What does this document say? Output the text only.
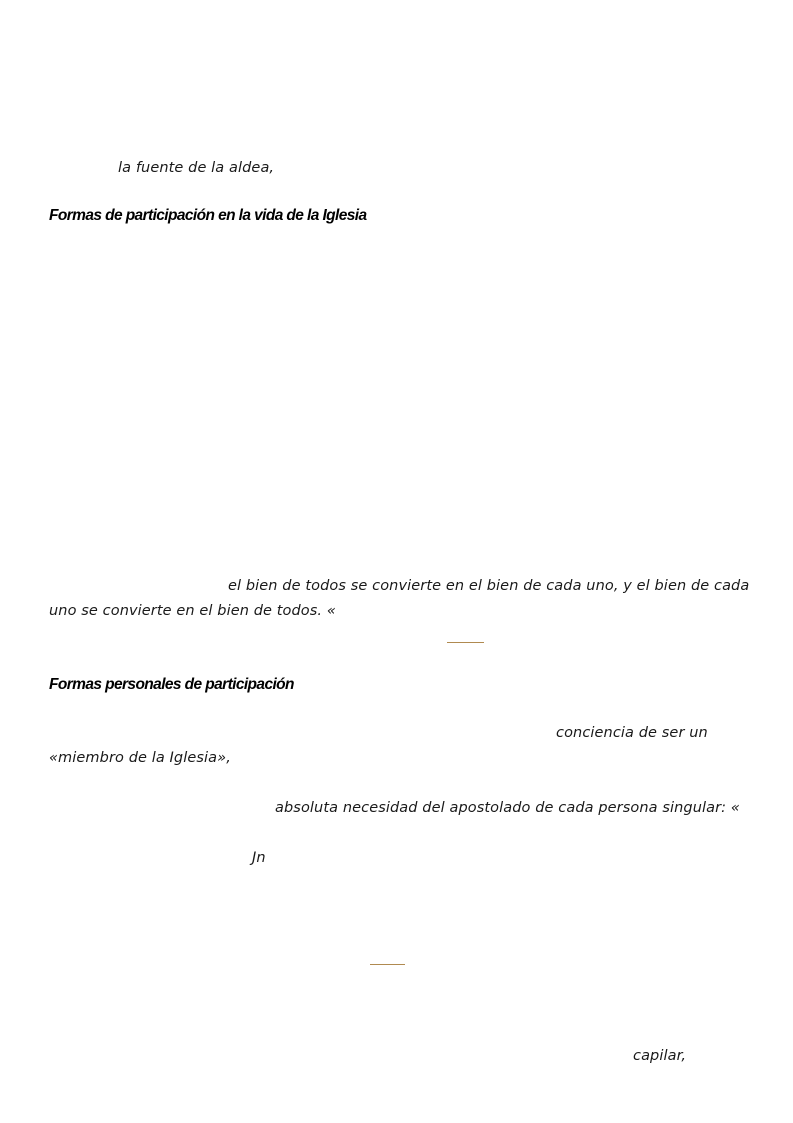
la fuente de la aldea,
Formas de participación en la vida de la Iglesia
el bien de todos se convierte en el bien de cada uno, y el bien de cada
uno se convierte en el bien de todos. «
Formas personales de participación
conciencia de ser un
«miembro de la Iglesia»,
absoluta necesidad del apostolado de cada persona singular: «
Jn
capilar,
